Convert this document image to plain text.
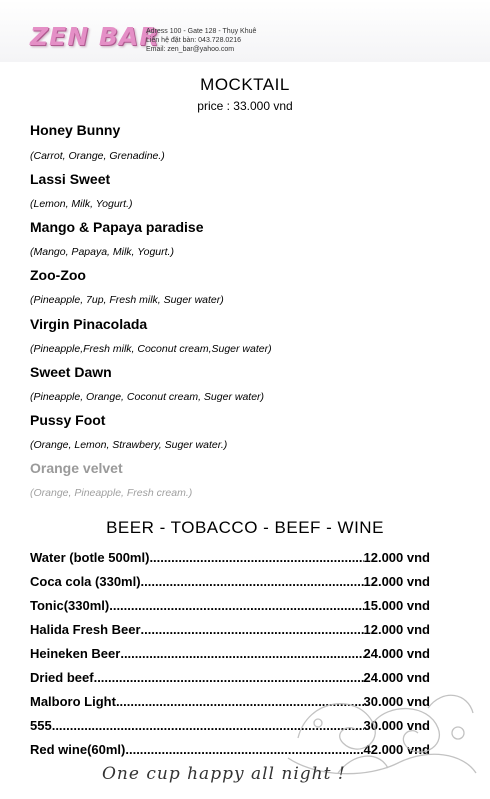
ZEN BAR
Adress 100 - Gate 128 - Thụy Khuê
Liên hệ đặt bàn: 043.728.0216
Email: zen_bar@yahoo.com
MOCKTAIL
price : 33.000 vnd
Honey Bunny
(Carrot, Orange, Grenadine.)
Lassi Sweet
(Lemon, Milk, Yogurt.)
Mango & Papaya paradise
(Mango, Papaya, Milk, Yogurt.)
Zoo-Zoo
(Pineapple, 7up, Fresh milk, Suger water)
Virgin Pinacolada
(Pineapple,Fresh milk, Coconut cream,Suger water)
Sweet Dawn
(Pineapple, Orange, Coconut cream, Suger water)
Pussy Foot
(Orange, Lemon, Strawbery, Suger water.)
Orange velvet
(Orange, Pineapple, Fresh cream.)
BEER - TOBACCO - BEEF - WINE
Water (botle 500ml) .....	12.000 vnd
Coca cola (330ml) .....	12.000 vnd
Tonic(330ml).... .....	15.000 vnd
Halida Fresh Beer .....	12.000 vnd
Heineken Beer .....	24.000 vnd
Dried beef .....	24.000 vnd
Malboro Light .....	30.000 vnd
555 .....	30.000 vnd
Red wine(60ml) .....	42.000 vnd
One cup happy all night !
